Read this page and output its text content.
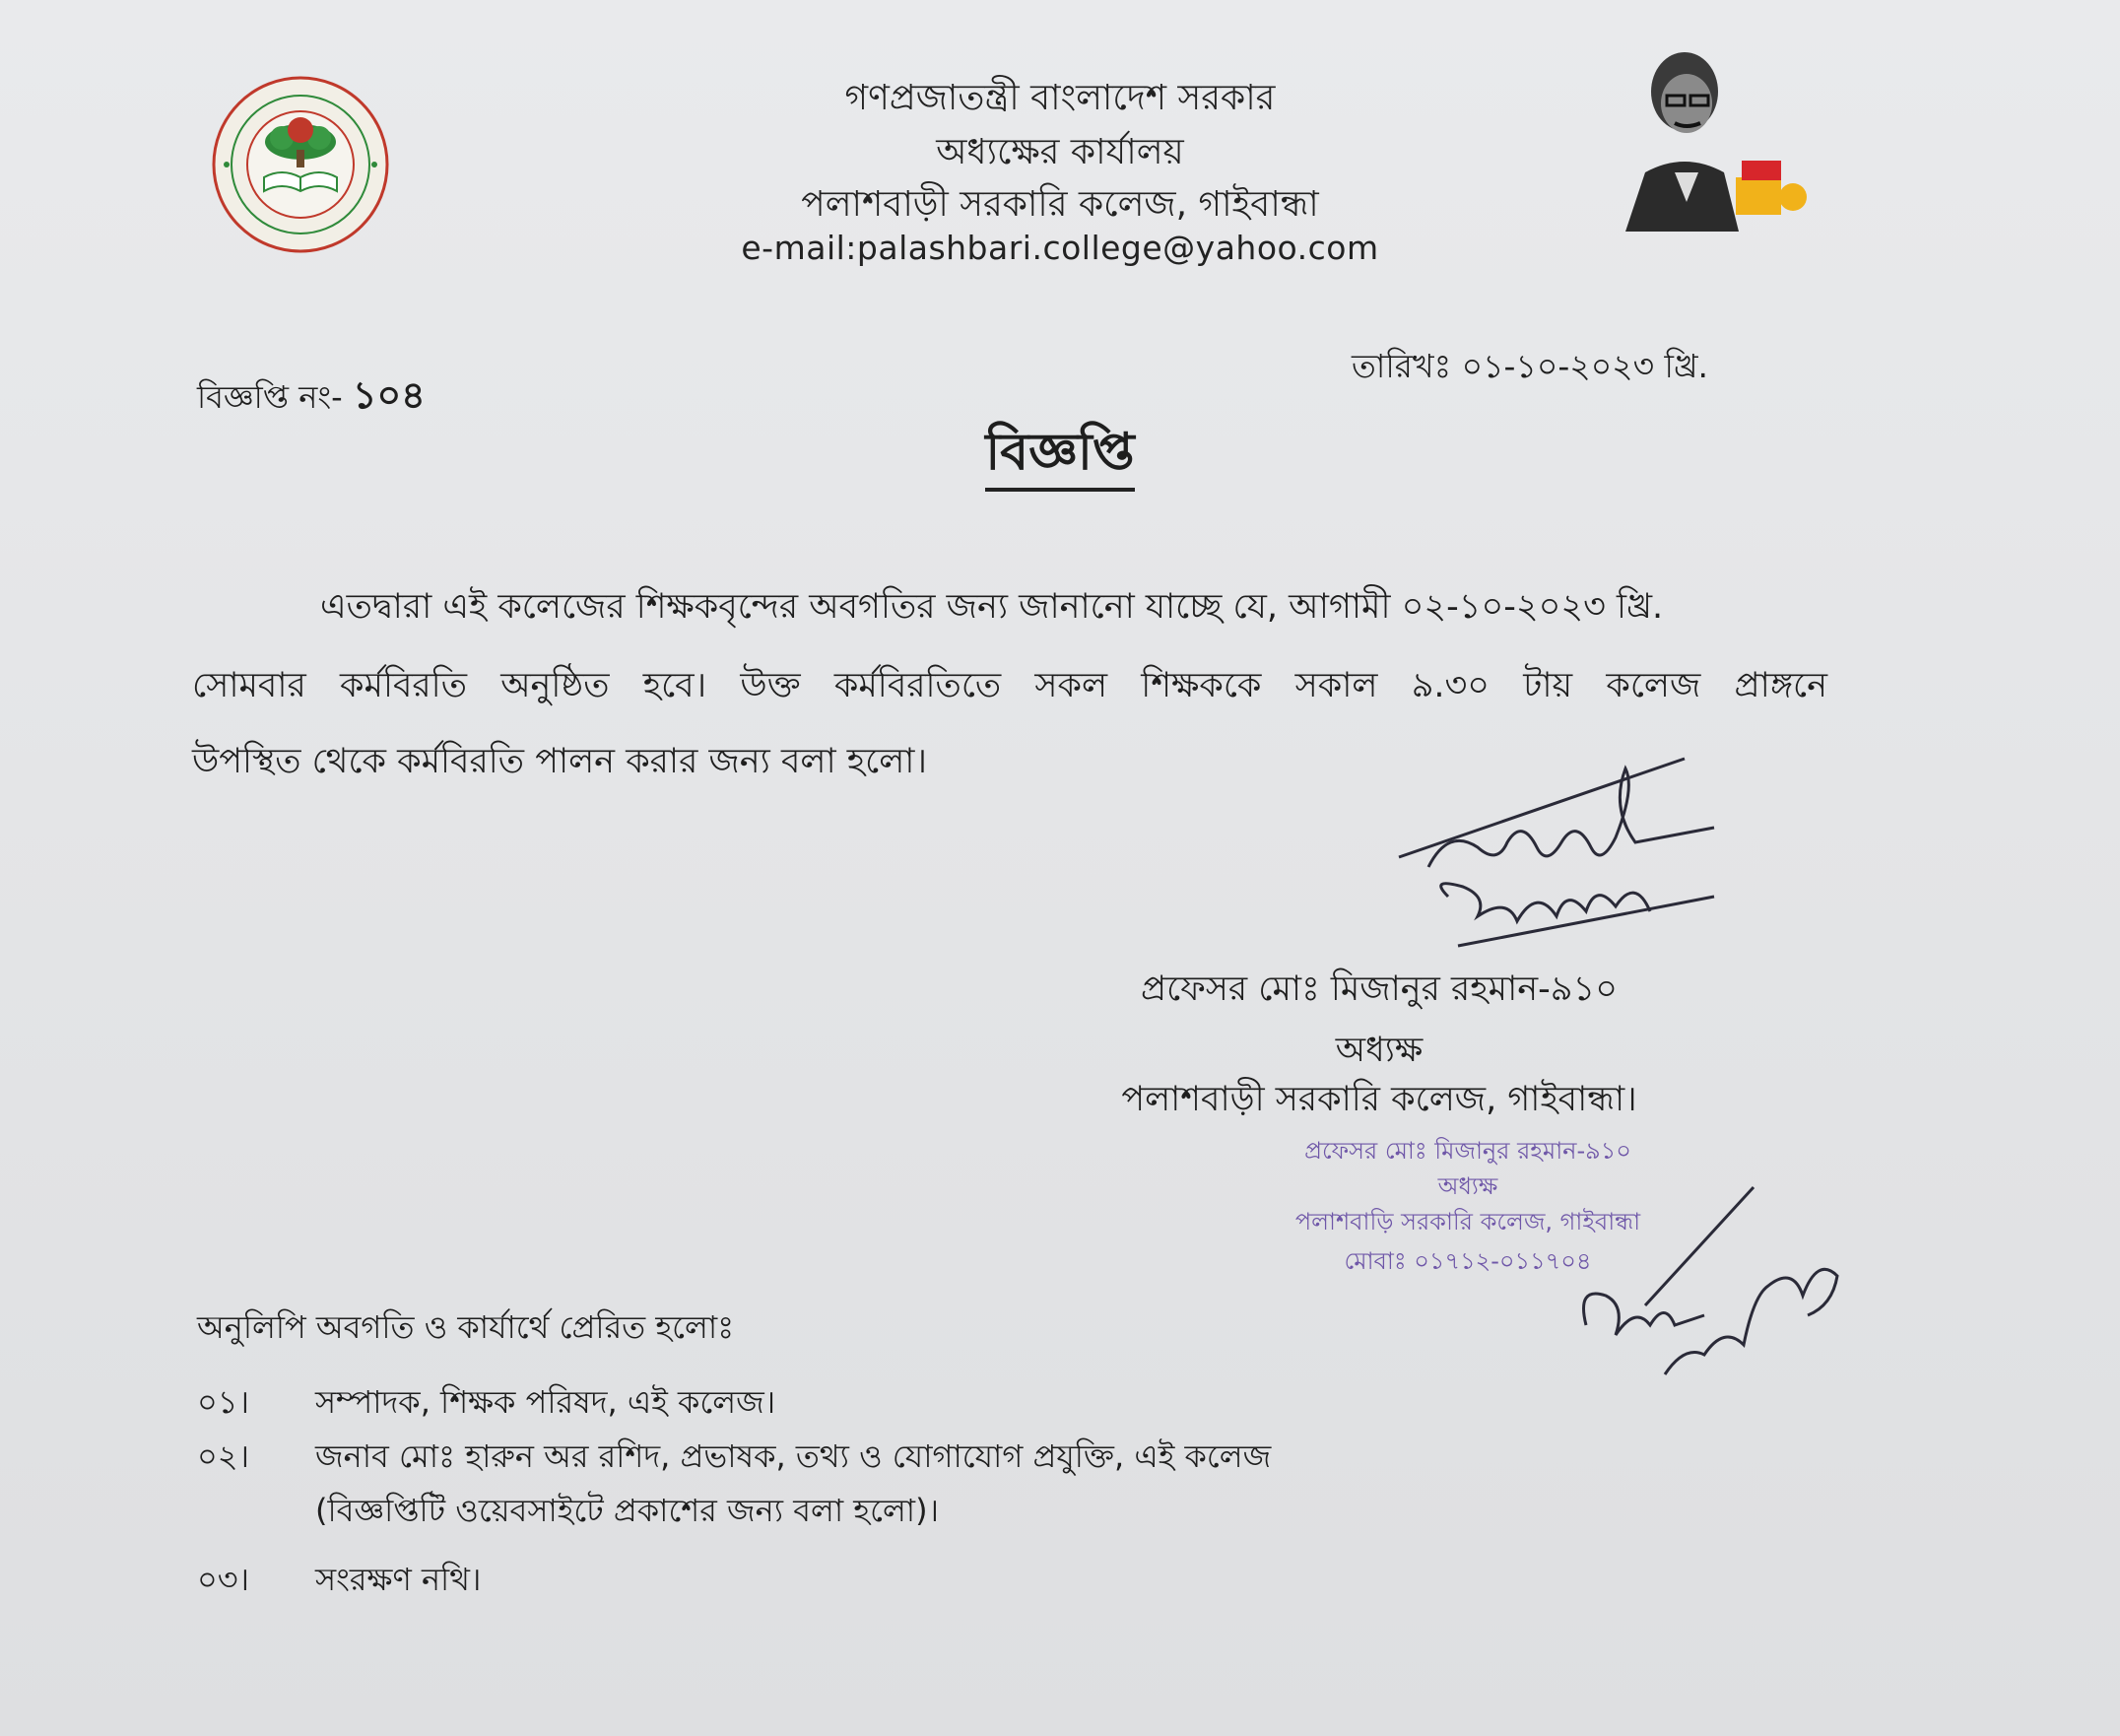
গণপ্রজাতন্ত্রী বাংলাদেশ সরকার
অধ্যক্ষের কার্যালয়
পলাশবাড়ী সরকারি কলেজ, গাইবান্ধা
e-mail:palashbari.college@yahoo.com
বিজ্ঞপ্তি নং- ১০৪
তারিখঃ ০১-১০-২০২৩ খ্রি.
বিজ্ঞপ্তি
এতদ্বারা এই কলেজের শিক্ষকবৃন্দের অবগতির জন্য জানানো যাচ্ছে যে, আগামী ০২-১০-২০২৩ খ্রি.
সোমবার কর্মবিরতি অনুষ্ঠিত হবে। উক্ত কর্মবিরতিতে সকল শিক্ষককে সকাল ৯.৩০ টায় কলেজ প্রাঙ্গনে
উপস্থিত থেকে কর্মবিরতি পালন করার জন্য বলা হলো।
প্রফেসর মোঃ মিজানুর রহমান-৯১০
অধ্যক্ষ
পলাশবাড়ী সরকারি কলেজ, গাইবান্ধা।
প্রফেসর মোঃ মিজানুর রহমান-৯১০
অধ্যক্ষ
পলাশবাড়ি সরকারি কলেজ, গাইবান্ধা
মোবাঃ ০১৭১২-০১১৭০৪
অনুলিপি অবগতি ও কার্যার্থে প্রেরিত হলোঃ
০১। সম্পাদক, শিক্ষক পরিষদ, এই কলেজ।
০২। জনাব মোঃ হারুন অর রশিদ, প্রভাষক, তথ্য ও যোগাযোগ প্রযুক্তি, এই কলেজ
(বিজ্ঞপ্তিটি ওয়েবসাইটে প্রকাশের জন্য বলা হলো)।
০৩। সংরক্ষণ নথি।
